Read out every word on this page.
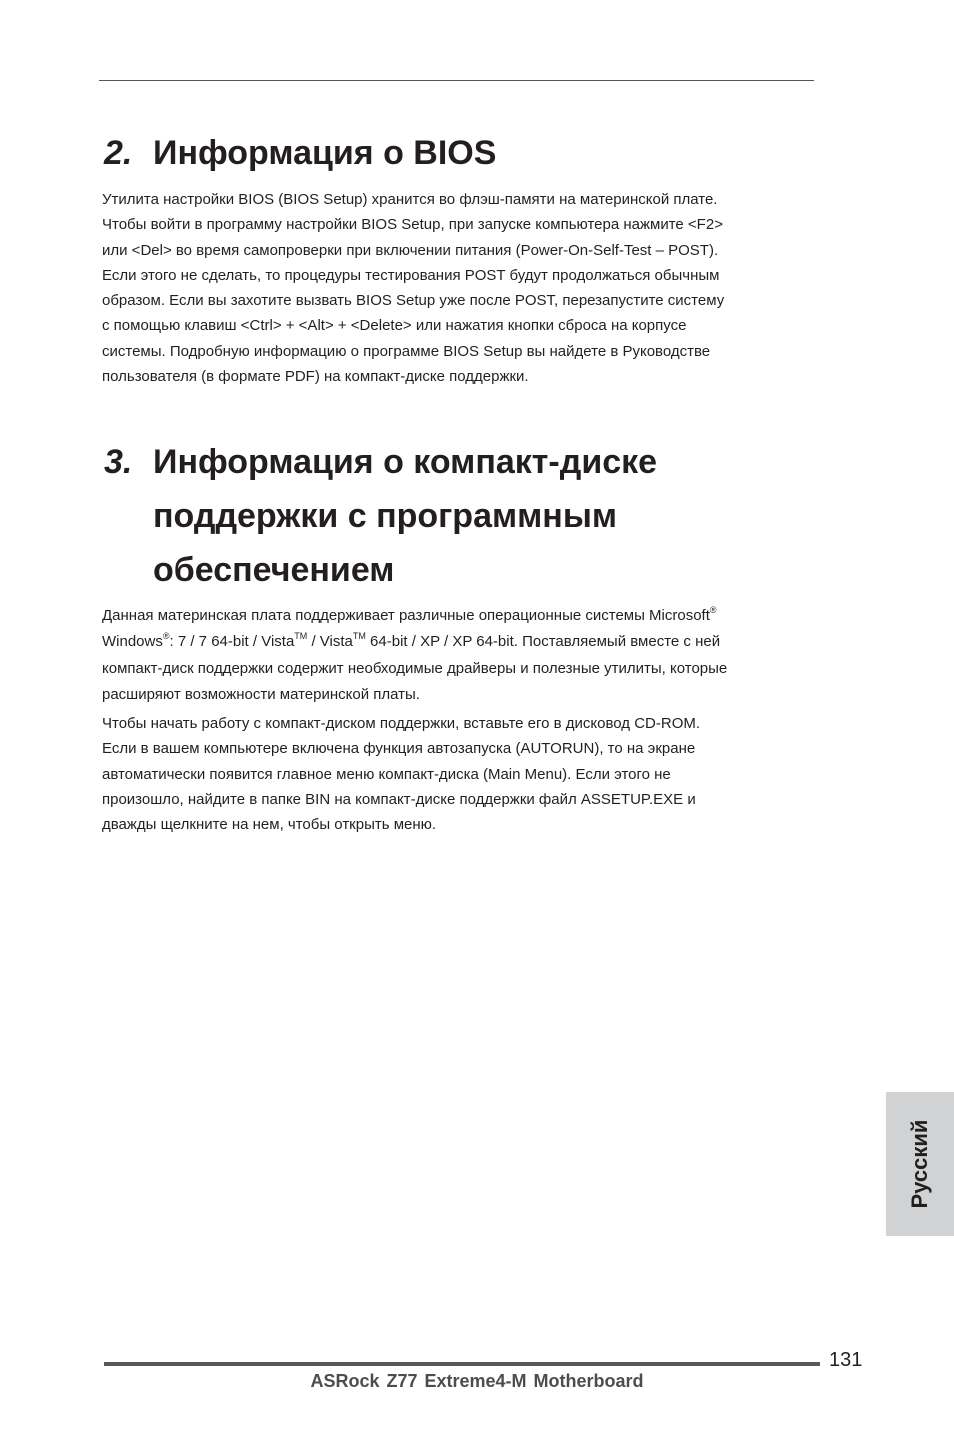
2. Информация о BIOS
Утилита настройки BIOS (BIOS Setup) хранится во флэш-памяти на материнской плате.
Чтобы войти в программу настройки BIOS Setup, при запуске компьютера нажмите <F2>
или <Del> во время самопроверки при включении питания (Power-On-Self-Test – POST).
Если этого не сделать, то процедуры тестирования POST будут продолжаться обычным
образом. Если вы захотите вызвать BIOS Setup уже после POST, перезапустите систему
с помощью клавиш <Ctrl> + <Alt> + <Delete> или нажатия кнопки сброса на корпусе
системы. Подробную информацию о программе BIOS Setup вы найдете в Руководстве
пользователя (в формате PDF) на компакт-диске поддержки.
3. Информация о компакт-диске
поддержки с программным
обеспечением
Данная материнская плата поддерживает различные операционные системы Microsoft®
Windows®: 7 / 7 64-bit / Vista™ / Vista™ 64-bit / XP / XP 64-bit. Поставляемый вместе с ней
компакт-диск поддержки содержит необходимые драйверы и полезные утилиты, которые
расширяют возможности материнской платы.
Чтобы начать работу с компакт-диском поддержки, вставьте его в дисковод CD-ROM.
Если в вашем компьютере включена функция автозапуска (AUTORUN), то на экране
автоматически появится главное меню компакт-диска (Main Menu). Если этого не
произошло, найдите в папке BIN на компакт-диске поддержки файл ASSETUP.EXE и
дважды щелкните на нем, чтобы открыть меню.
Русский
131
ASRock Z77 Extreme4-M Motherboard
